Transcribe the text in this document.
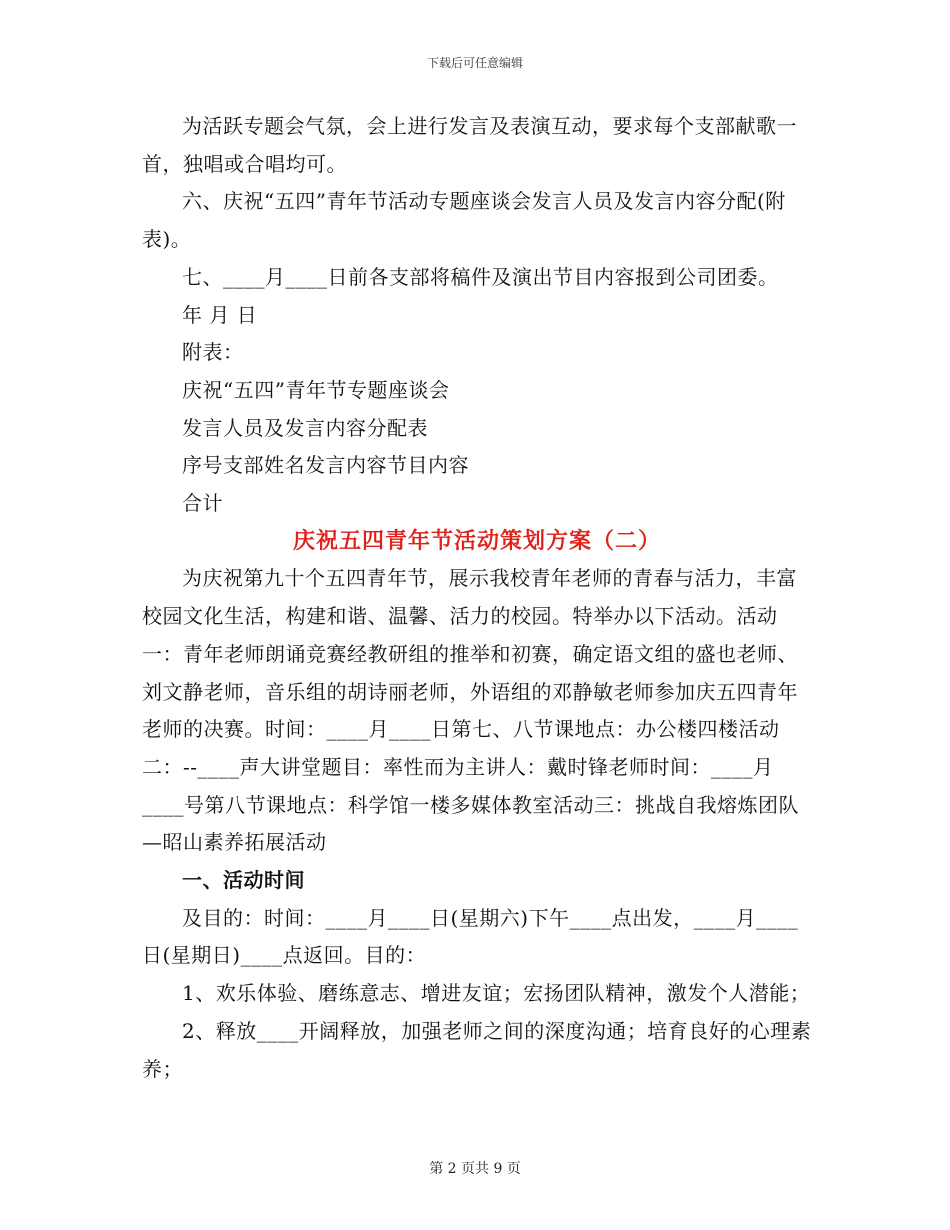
下载后可任意编辑

为活跃专题会气氛，会上进行发言及表演互动，要求每个支部献歌一首，独唱或合唱均可。

六、庆祝“五四”青年节活动专题座谈会发言人员及发言内容分配(附表)。

七、____月____日前各支部将稿件及演出节目内容报到公司团委。

年 月 日

附表：

庆祝“五四”青年节专题座谈会

发言人员及发言内容分配表

序号支部姓名发言内容节目内容

合计

庆祝五四青年节活动策划方案（二）

为庆祝第九十个五四青年节，展示我校青年老师的青春与活力，丰富校园文化生活，构建和谐、温馨、活力的校园。特举办以下活动。活动一：青年老师朗诵竞赛经教研组的推举和初赛，确定语文组的盛也老师、刘文静老师，音乐组的胡诗丽老师，外语组的邓静敏老师参加庆五四青年老师的决赛。时间：____月____日第七、八节课地点：办公楼四楼活动二：--____声大讲堂题目：率性而为主讲人：戴时锋老师时间：____月____号第八节课地点：科学馆一楼多媒体教室活动三：挑战自我熔炼团队—昭山素养拓展活动

一、活动时间

及目的：时间：____月____日(星期六)下午____点出发，____月____日(星期日)____点返回。目的：

1、欢乐体验、磨练意志、增进友谊；宏扬团队精神，激发个人潜能；

2、释放____开阔释放，加强老师之间的深度沟通；培育良好的心理素养；

第 2 页共 9 页
